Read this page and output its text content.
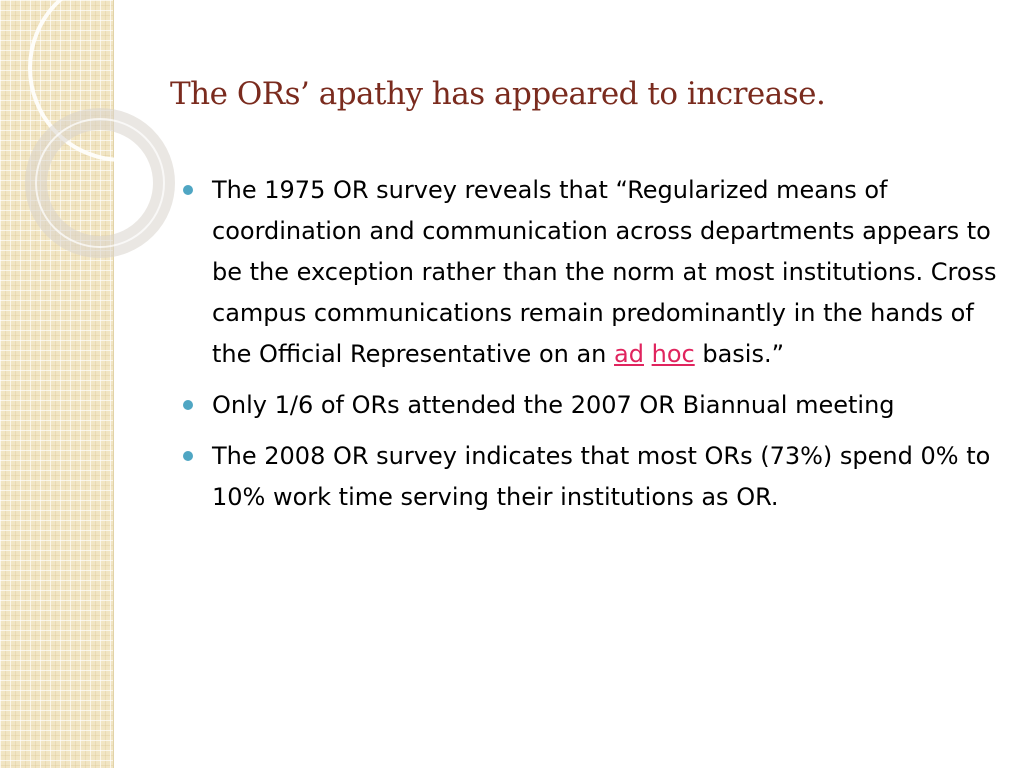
The ORs’ apathy has appeared to increase.
The 1975 OR survey reveals that “Regularized means of coordination and communication across departments appears to be the exception rather than the norm at most institutions. Cross campus communications remain predominantly in the hands of the Official Representative on an ad hoc basis.”
Only 1/6 of ORs attended the 2007 OR Biannual meeting
The 2008 OR survey indicates that most ORs (73%) spend 0% to 10% work time serving their institutions as OR.
